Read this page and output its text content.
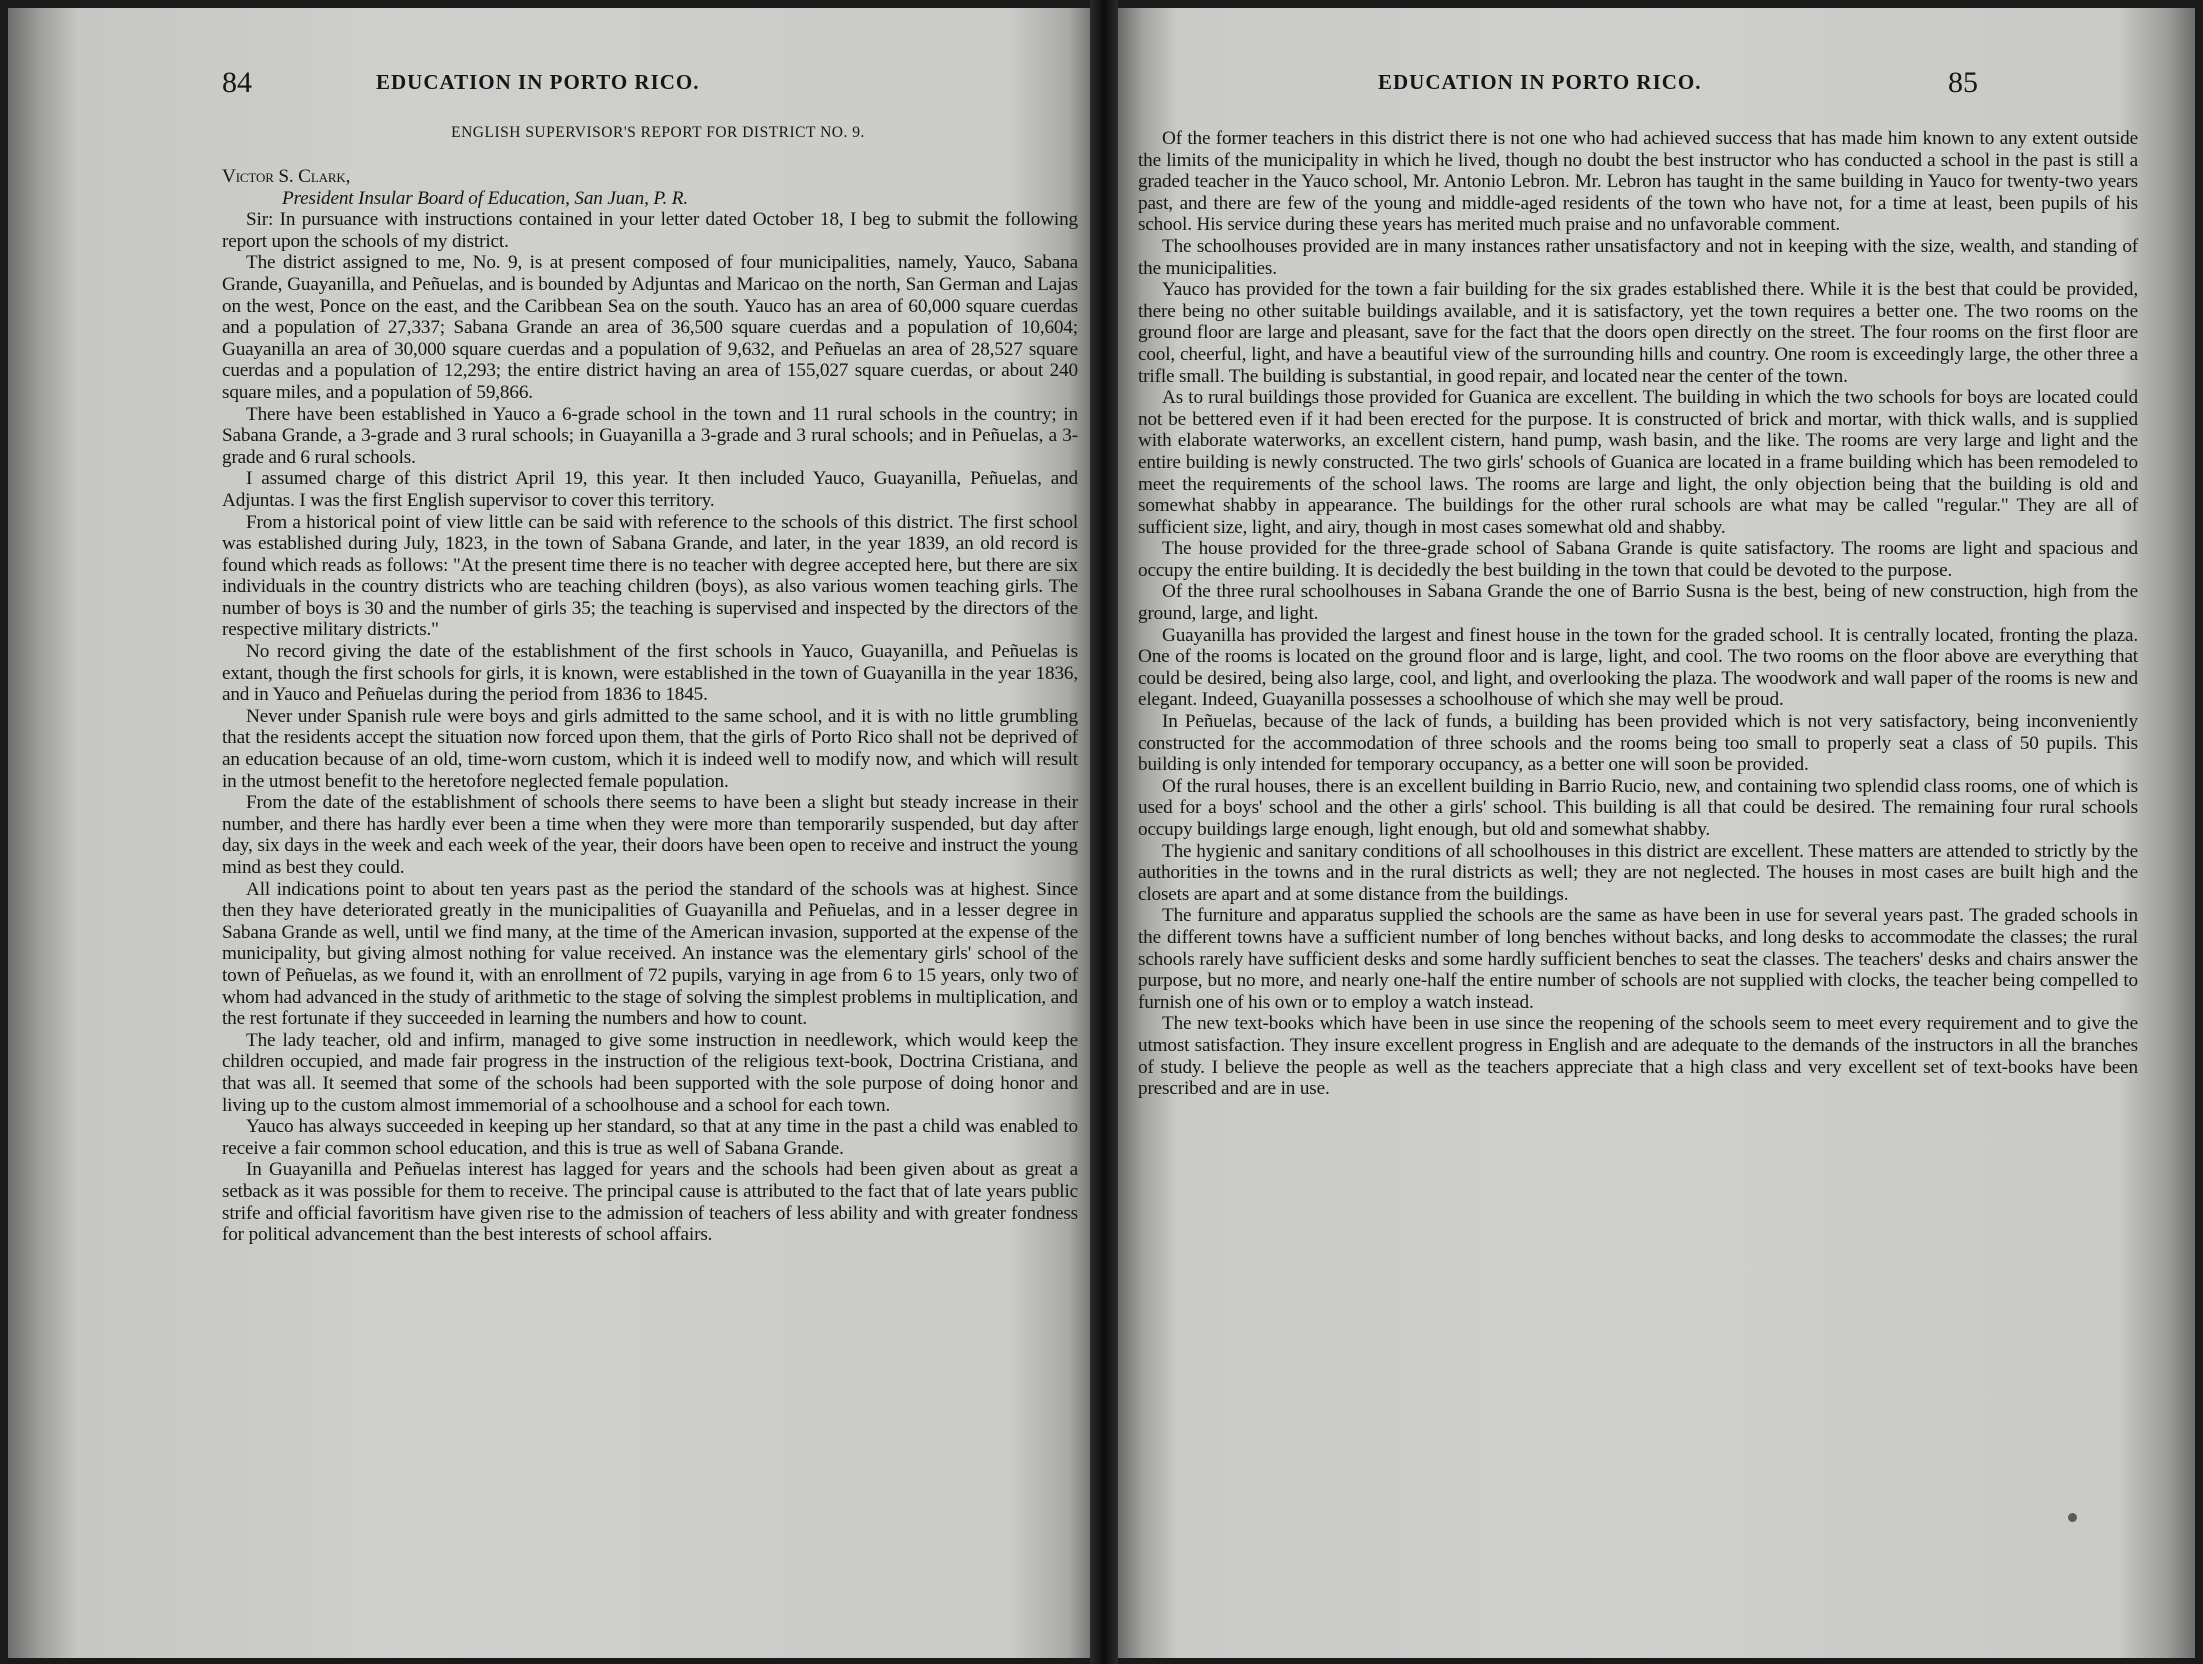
84	EDUCATION IN PORTO RICO.
ENGLISH SUPERVISOR'S REPORT FOR DISTRICT NO. 9.

Victor S. Clark,

President Insular Board of Education, San Juan, P. R.

Sir: In pursuance with instructions contained in your letter dated October 18, I beg to submit the following report upon the schools of my district.

The district assigned to me, No. 9, is at present composed of four municipalities, namely, Yauco, Sabana Grande, Guayanilla, and Peñuelas, and is bounded by Adjuntas and Maricao on the north, San German and Lajas on the west, Ponce on the east, and the Caribbean Sea on the south. Yauco has an area of 60,000 square cuerdas and a population of 27,337; Sabana Grande an area of 36,500 square cuerdas and a population of 10,604; Guayanilla an area of 30,000 square cuerdas and a population of 9,632, and Peñuelas an area of 28,527 square cuerdas and a population of 12,293; the entire district having an area of 155,027 square cuerdas, or about 240 square miles, and a population of 59,866.

There have been established in Yauco a 6-grade school in the town and 11 rural schools in the country; in Sabana Grande, a 3-grade and 3 rural schools; in Guayanilla a 3-grade and 3 rural schools; and in Peñuelas, a 3-grade and 6 rural schools.

I assumed charge of this district April 19, this year. It then included Yauco, Guayanilla, Peñuelas, and Adjuntas. I was the first English supervisor to cover this territory.

From a historical point of view little can be said with reference to the schools of this district. The first school was established during July, 1823, in the town of Sabana Grande, and later, in the year 1839, an old record is found which reads as follows: "At the present time there is no teacher with degree accepted here, but there are six individuals in the country districts who are teaching children (boys), as also various women teaching girls. The number of boys is 30 and the number of girls 35; the teaching is supervised and inspected by the directors of the respective military districts."

No record giving the date of the establishment of the first schools in Yauco, Guayanilla, and Peñuelas is extant, though the first schools for girls, it is known, were established in the town of Guayanilla in the year 1836, and in Yauco and Peñuelas during the period from 1836 to 1845.

Never under Spanish rule were boys and girls admitted to the same school, and it is with no little grumbling that the residents accept the situation now forced upon them, that the girls of Porto Rico shall not be deprived of an education because of an old, time-worn custom, which it is indeed well to modify now, and which will result in the utmost benefit to the heretofore neglected female population.

From the date of the establishment of schools there seems to have been a slight but steady increase in their number, and there has hardly ever been a time when they were more than temporarily suspended, but day after day, six days in the week and each week of the year, their doors have been open to receive and instruct the young mind as best they could.

All indications point to about ten years past as the period the standard of the schools was at highest. Since then they have deteriorated greatly in the municipalities of Guayanilla and Peñuelas, and in a lesser degree in Sabana Grande as well, until we find many, at the time of the American invasion, supported at the expense of the municipality, but giving almost nothing for value received. An instance was the elementary girls' school of the town of Peñuelas, as we found it, with an enrollment of 72 pupils, varying in age from 6 to 15 years, only two of whom had advanced in the study of arithmetic to the stage of solving the simplest problems in multiplication, and the rest fortunate if they succeeded in learning the numbers and how to count.

The lady teacher, old and infirm, managed to give some instruction in needlework, which would keep the children occupied, and made fair progress in the instruction of the religious text-book, Doctrina Cristiana, and that was all. It seemed that some of the schools had been supported with the sole purpose of doing honor and living up to the custom almost immemorial of a schoolhouse and a school for each town.

Yauco has always succeeded in keeping up her standard, so that at any time in the past a child was enabled to receive a fair common school education, and this is true as well of Sabana Grande.

In Guayanilla and Peñuelas interest has lagged for years and the schools had been given about as great a setback as it was possible for them to receive. The principal cause is attributed to the fact that of late years public strife and official favoritism have given rise to the admission of teachers of less ability and with greater fondness for political advancement than the best interests of school affairs.

EDUCATION IN PORTO RICO.	85

Of the former teachers in this district there is not one who had achieved success that has made him known to any extent outside the limits of the municipality in which he lived, though no doubt the best instructor who has conducted a school in the past is still a graded teacher in the Yauco school, Mr. Antonio Lebron. Mr. Lebron has taught in the same building in Yauco for twenty-two years past, and there are few of the young and middle-aged residents of the town who have not, for a time at least, been pupils of his school. His service during these years has merited much praise and no unfavorable comment.

The schoolhouses provided are in many instances rather unsatisfactory and not in keeping with the size, wealth, and standing of the municipalities.

Yauco has provided for the town a fair building for the six grades established there. While it is the best that could be provided, there being no other suitable buildings available, and it is satisfactory, yet the town requires a better one. The two rooms on the ground floor are large and pleasant, save for the fact that the doors open directly on the street. The four rooms on the first floor are cool, cheerful, light, and have a beautiful view of the surrounding hills and country. One room is exceedingly large, the other three a trifle small. The building is substantial, in good repair, and located near the center of the town.

As to rural buildings those provided for Guanica are excellent. The building in which the two schools for boys are located could not be bettered even if it had been erected for the purpose. It is constructed of brick and mortar, with thick walls, and is supplied with elaborate waterworks, an excellent cistern, hand pump, wash basin, and the like. The rooms are very large and light and the entire building is newly constructed. The two girls' schools of Guanica are located in a frame building which has been remodeled to meet the requirements of the school laws. The rooms are large and light, the only objection being that the building is old and somewhat shabby in appearance. The buildings for the other rural schools are what may be called "regular." They are all of sufficient size, light, and airy, though in most cases somewhat old and shabby.

The house provided for the three-grade school of Sabana Grande is quite satisfactory. The rooms are light and spacious and occupy the entire building. It is decidedly the best building in the town that could be devoted to the purpose.

Of the three rural schoolhouses in Sabana Grande the one of Barrio Susna is the best, being of new construction, high from the ground, large, and light.

Guayanilla has provided the largest and finest house in the town for the graded school. It is centrally located, fronting the plaza. One of the rooms is located on the ground floor and is large, light, and cool. The two rooms on the floor above are everything that could be desired, being also large, cool, and light, and overlooking the plaza. The woodwork and wall paper of the rooms is new and elegant. Indeed, Guayanilla possesses a schoolhouse of which she may well be proud.

In Peñuelas, because of the lack of funds, a building has been provided which is not very satisfactory, being inconveniently constructed for the accommodation of three schools and the rooms being too small to properly seat a class of 50 pupils. This building is only intended for temporary occupancy, as a better one will soon be provided.

Of the rural houses, there is an excellent building in Barrio Rucio, new, and containing two splendid class rooms, one of which is used for a boys' school and the other a girls' school. This building is all that could be desired. The remaining four rural schools occupy buildings large enough, light enough, but old and somewhat shabby.

The hygienic and sanitary conditions of all schoolhouses in this district are excellent. These matters are attended to strictly by the authorities in the towns and in the rural districts as well; they are not neglected. The houses in most cases are built high and the closets are apart and at some distance from the buildings.

The furniture and apparatus supplied the schools are the same as have been in use for several years past. The graded schools in the different towns have a sufficient number of long benches without backs, and long desks to accommodate the classes; the rural schools rarely have sufficient desks and some hardly sufficient benches to seat the classes. The teachers' desks and chairs answer the purpose, but no more, and nearly one-half the entire number of schools are not supplied with clocks, the teacher being compelled to furnish one of his own or to employ a watch instead.

The new text-books which have been in use since the reopening of the schools seem to meet every requirement and to give the utmost satisfaction. They insure excellent progress in English and are adequate to the demands of the instructors in all the branches of study. I believe the people as well as the teachers appreciate that a high class and very excellent set of text-books have been prescribed and are in use.
